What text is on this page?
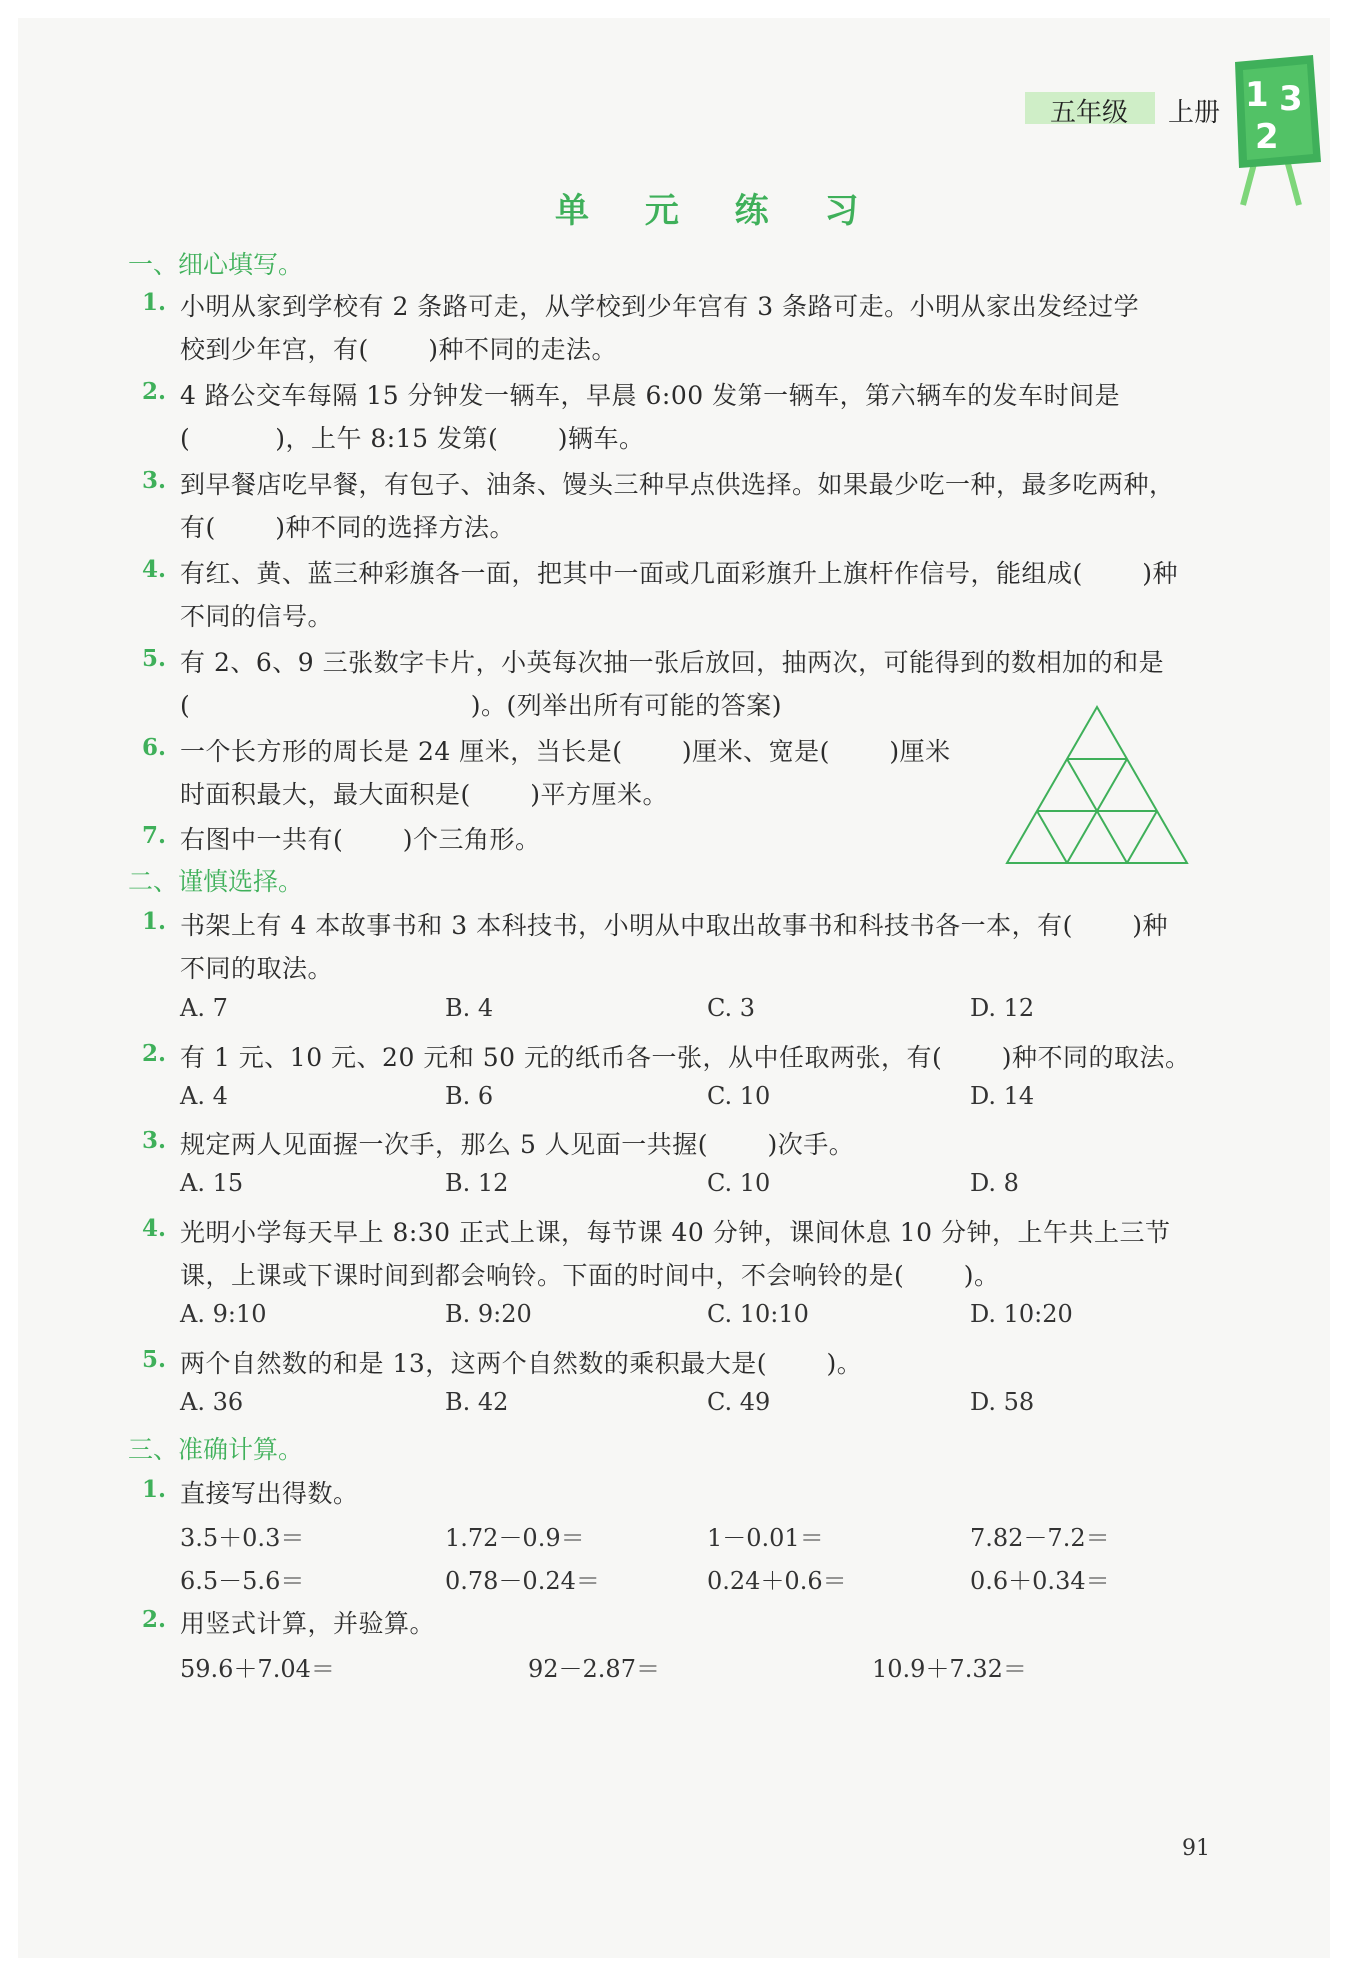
五年级 上册 1 3
2
单 元 练 习
一、细心填写。
1. 小明从家到学校有 2 条路可走，从学校到少年宫有 3 条路可走。小明从家出发经过学
校到少年宫，有(　　 )种不同的走法。
2. 4 路公交车每隔 15 分钟发一辆车，早晨 6:00 发第一辆车，第六辆车的发车时间是
(　　 　)，上午 8:15 发第(　　 )辆车。
3. 到早餐店吃早餐，有包子、油条、馒头三种早点供选择。如果最少吃一种，最多吃两种，
有(　　 )种不同的选择方法。
4. 有红、黄、蓝三种彩旗各一面，把其中一面或几面彩旗升上旗杆作信号，能组成(　　 )种
不同的信号。
5. 有 2、6、9 三张数字卡片，小英每次抽一张后放回，抽两次，可能得到的数相加的和是
(　　　　　　　　　　　)。(列举出所有可能的答案)
6. 一个长方形的周长是 24 厘米，当长是(　　 )厘米、宽是(　　 )厘米
时面积最大，最大面积是(　　 )平方厘米。
7. 右图中一共有(　　 )个三角形。
二、谨慎选择。
1. 书架上有 4 本故事书和 3 本科技书，小明从中取出故事书和科技书各一本，有(　　 )种
不同的取法。
A. 7	B. 4	C. 3	D. 12
2. 有 1 元、10 元、20 元和 50 元的纸币各一张，从中任取两张，有(　　 )种不同的取法。
A. 4	B. 6	C. 10	D. 14
3. 规定两人见面握一次手，那么 5 人见面一共握(　　 )次手。
A. 15	B. 12	C. 10	D. 8
4. 光明小学每天早上 8:30 正式上课，每节课 40 分钟，课间休息 10 分钟，上午共上三节
课，上课或下课时间到都会响铃。下面的时间中，不会响铃的是(　　 )。
A. 9:10	B. 9:20	C. 10:10	D. 10:20
5. 两个自然数的和是 13，这两个自然数的乘积最大是(　　 )。
A. 36	B. 42	C. 49	D. 58
三、准确计算。
1. 直接写出得数。
3.5＋0.3＝	1.72－0.9＝	1－0.01＝	7.82－7.2＝
6.5－5.6＝	0.78－0.24＝	0.24＋0.6＝	0.6＋0.34＝
2. 用竖式计算，并验算。
59.6＋7.04＝	92－2.87＝	10.9＋7.32＝
91
